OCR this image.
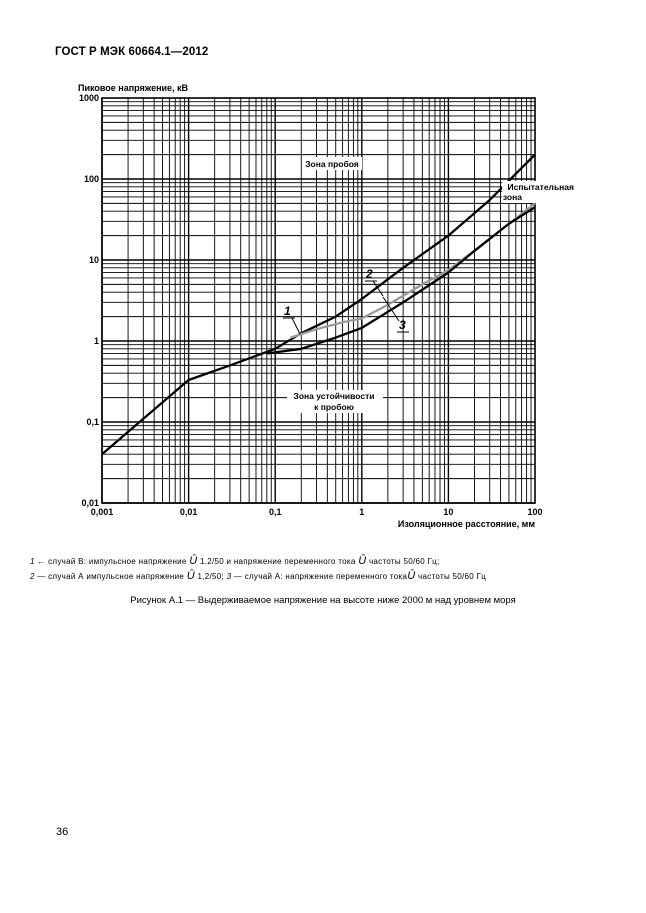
ГОСТ Р МЭК 60664.1—2012
Пиковое напряжение, кВ
0,001	0,01	0,1	1	10	100
0,01
0,1
1
10
100
1000
Зона пробоя
Испытательная
зона
Зона устойчивости
к пробою
1
2
3
Изоляционное расстояние, мм
1 ← случай В: импульсное напряжение Û 1.2/50 и напряжение переменного тока Û частоты 50/60 Гц;
2 — случай А импульсное напряжение Û 1,2/50; 3 — случай А: напряжение переменного токаÛ частоты 50/60 Гц
Рисунок А.1 — Выдерживаемое напряжение на высоте ниже 2000 м над уровнем моря
36
